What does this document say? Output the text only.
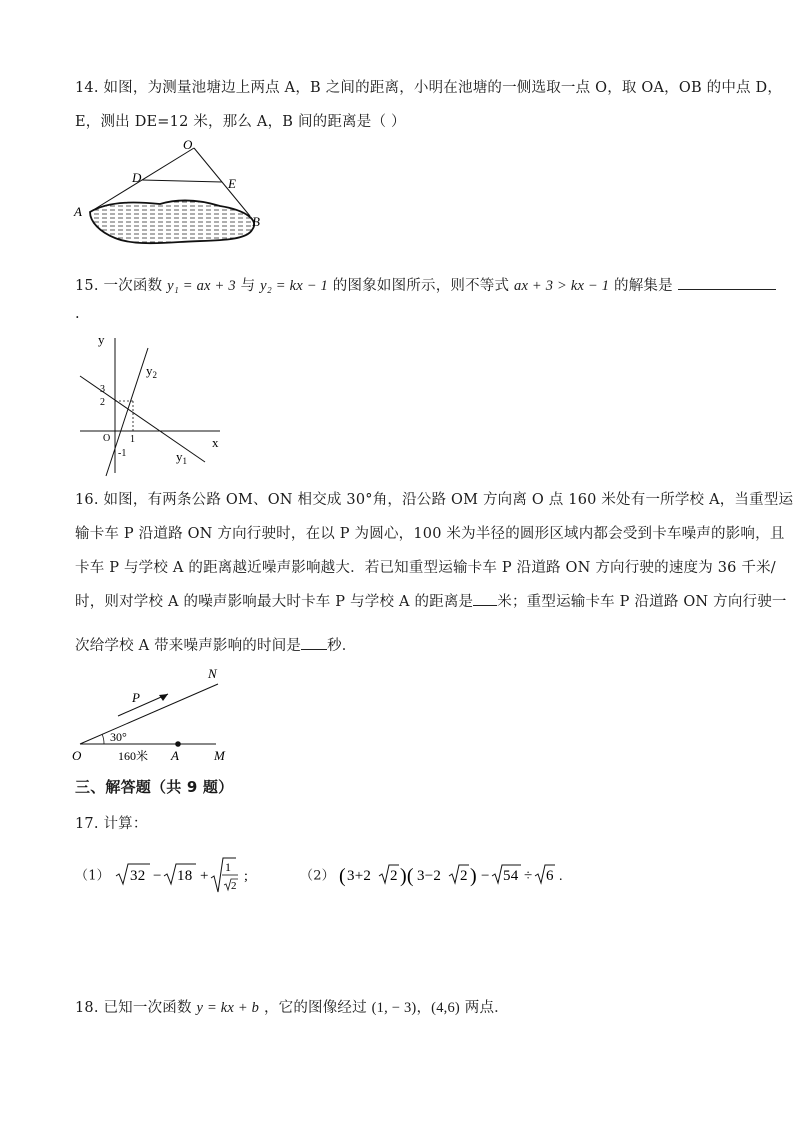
14. 如图，为测量池塘边上两点 A，B 之间的距离，小明在池塘的一侧选取一点 O，取 OA，OB 的中点 D，
E，测出 DE=12 米，那么 A，B 间的距离是（ ）
A
B
O
D	E
15. 一次函数 y₁ = ax + 3 与 y₂ = kx − 1 的图象如图所示，则不等式 ax + 3 > kx − 1 的解集是
.
y
x
$y_2$
$y_1$
3
2
O 1
-1
16. 如图，有两条公路 OM、ON 相交成 30°角，沿公路 OM 方向离 O 点 160 米处有一所学校 A，当重型运
输卡车 P 沿道路 ON 方向行驶时，在以 P 为圆心，100 米为半径的圆形区域内都会受到卡车噪声的影响，且
卡车 P 与学校 A 的距离越近噪声影响越大．若已知重型运输卡车 P 沿道路 ON 方向行驶的速度为 36 千米/
时，则对学校 A 的噪声影响最大时卡车 P 与学校 A 的距离是 米；重型运输卡车 P 沿道路 ON 方向行驶一
次给学校 A 带来噪声影响的时间是 秒．
N
P
30°
O	160米 A	M
三、解答题（共 9 题）
17. 计算：
（1） 32 − 18 +
1
2
;	（2） ( 3+2 2 )( 3−2 2 ) − 54 ÷ 6 .
18. 已知一次函数 y = kx + b ，它的图像经过 (1, − 3)，(4,6) 两点．
